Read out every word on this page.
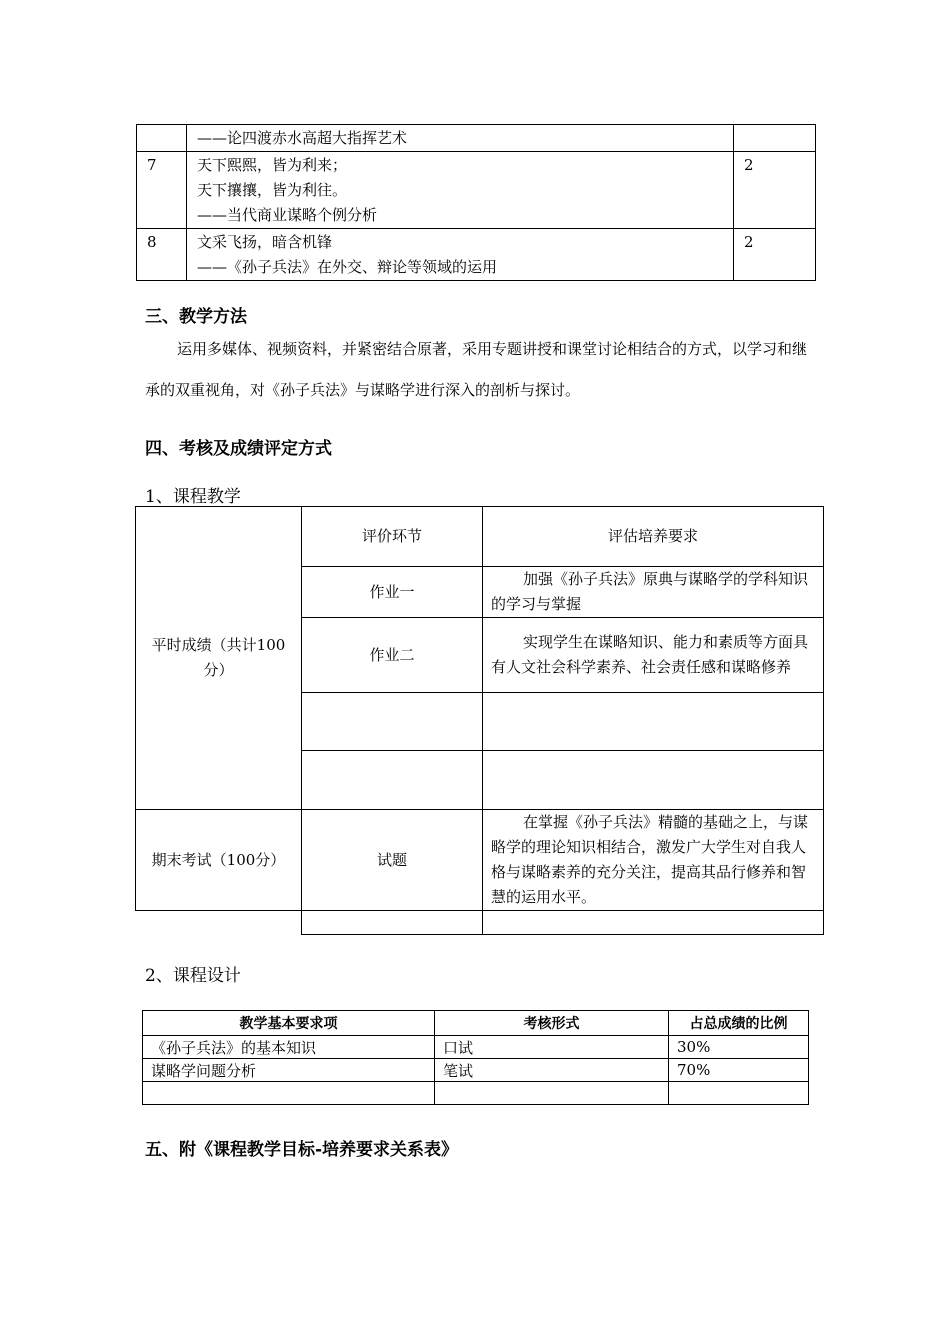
	——论四渡赤水高超大指挥艺术	

7	天下熙熙，皆为利来；
天下攘攘，皆为利往。
——当代商业谋略个例分析	2
8	文采飞扬，暗含机锋
——《孙子兵法》在外交、辩论等领域的运用	2
三、教学方法
运用多媒体、视频资料，并紧密结合原著，采用专题讲授和课堂讨论相结合的方式，以学习和继承的双重视角，对《孙子兵法》与谋略学进行深入的剖析与探讨。
四、考核及成绩评定方式
1、课程教学
平时成绩（共计100分）	评价环节	评估培养要求
	作业一	加强《孙子兵法》原典与谋略学的学科知识的学习与掌握
	作业二	实现学生在谋略知识、能力和素质等方面具有人文社会科学素养、社会责任感和谋略修养

期末考试（100分）	试题	在掌握《孙子兵法》精髓的基础之上，与谋略学的理论知识相结合，激发广大学生对自我人格与谋略素养的充分关注，提高其品行修养和智慧的运用水平。

2、课程设计
教学基本要求项	考核形式	占总成绩的比例
《孙子兵法》的基本知识	口试	30%
谋略学问题分析	笔试	70%

五、附《课程教学目标-培养要求关系表》
